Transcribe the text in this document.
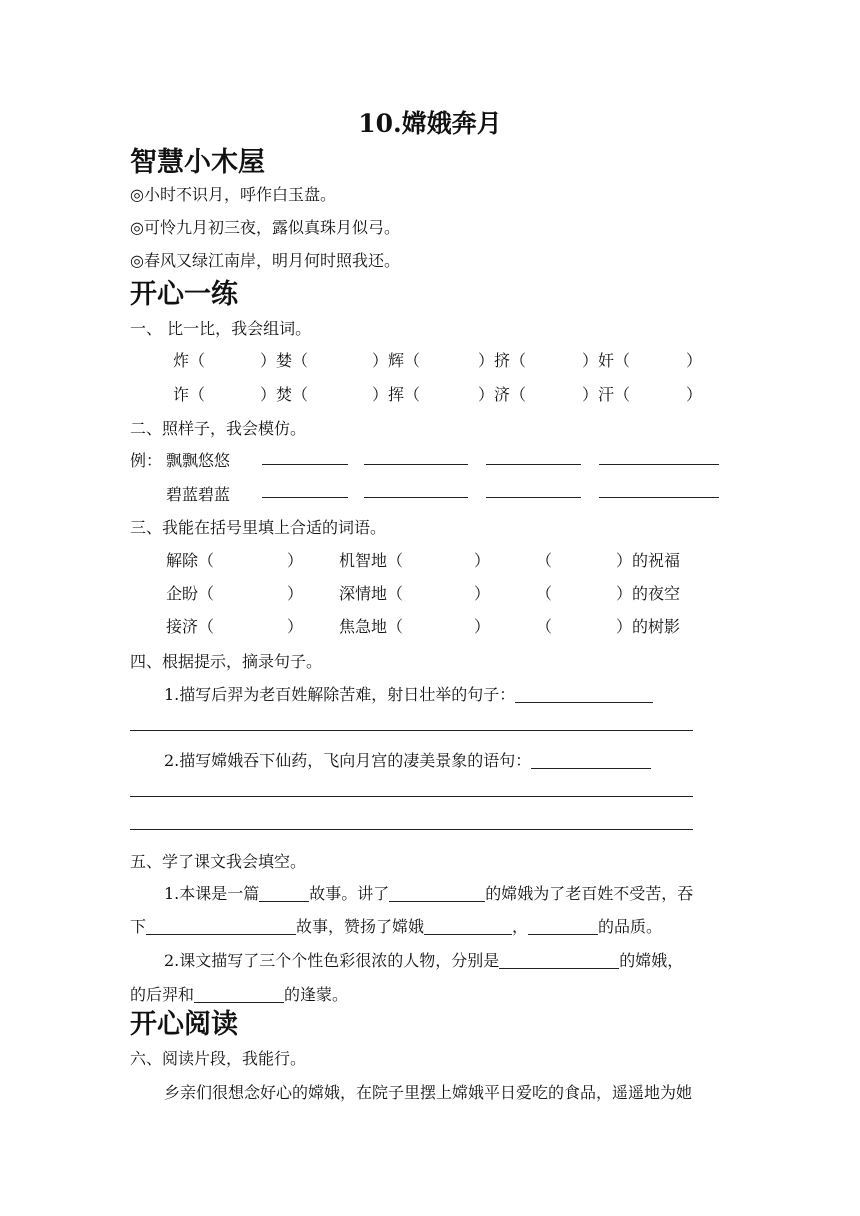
10.嫦娥奔月
智慧小木屋
◎小时不识月，呼作白玉盘。
◎可怜九月初三夜，露似真珠月似弓。
◎春风又绿江南岸，明月何时照我还。
开心一练
一、 比一比，我会组词。
炸（	）婪（	）辉（	）挤（	）奸（	）
诈（	）焚（	）挥（	）济（	）汗（	）
二、照样子，我会模仿。
例： 飘飘悠悠
碧蓝碧蓝
三、我能在括号里填上合适的词语。
解除（	） 机智地（	）	（	）的祝福
企盼（	） 深情地（	）	（	）的夜空
接济（	） 焦急地（	）	（	）的树影
四、根据提示，摘录句子。
1.描写后羿为老百姓解除苦难，射日壮举的句子：
2.描写嫦娥吞下仙药，飞向月宫的凄美景象的语句：
五、学了课文我会填空。
1.本课是一篇	故事。讲了	的嫦娥为了老百姓不受苦，吞
下	故事，赞扬了嫦娥	，	的品质。
2.课文描写了三个个性色彩很浓的人物，分别是	的嫦娥，
的后羿和	的逢蒙。
开心阅读
六、阅读片段，我能行。
乡亲们很想念好心的嫦娥，在院子里摆上嫦娥平日爱吃的食品，遥遥地为她
